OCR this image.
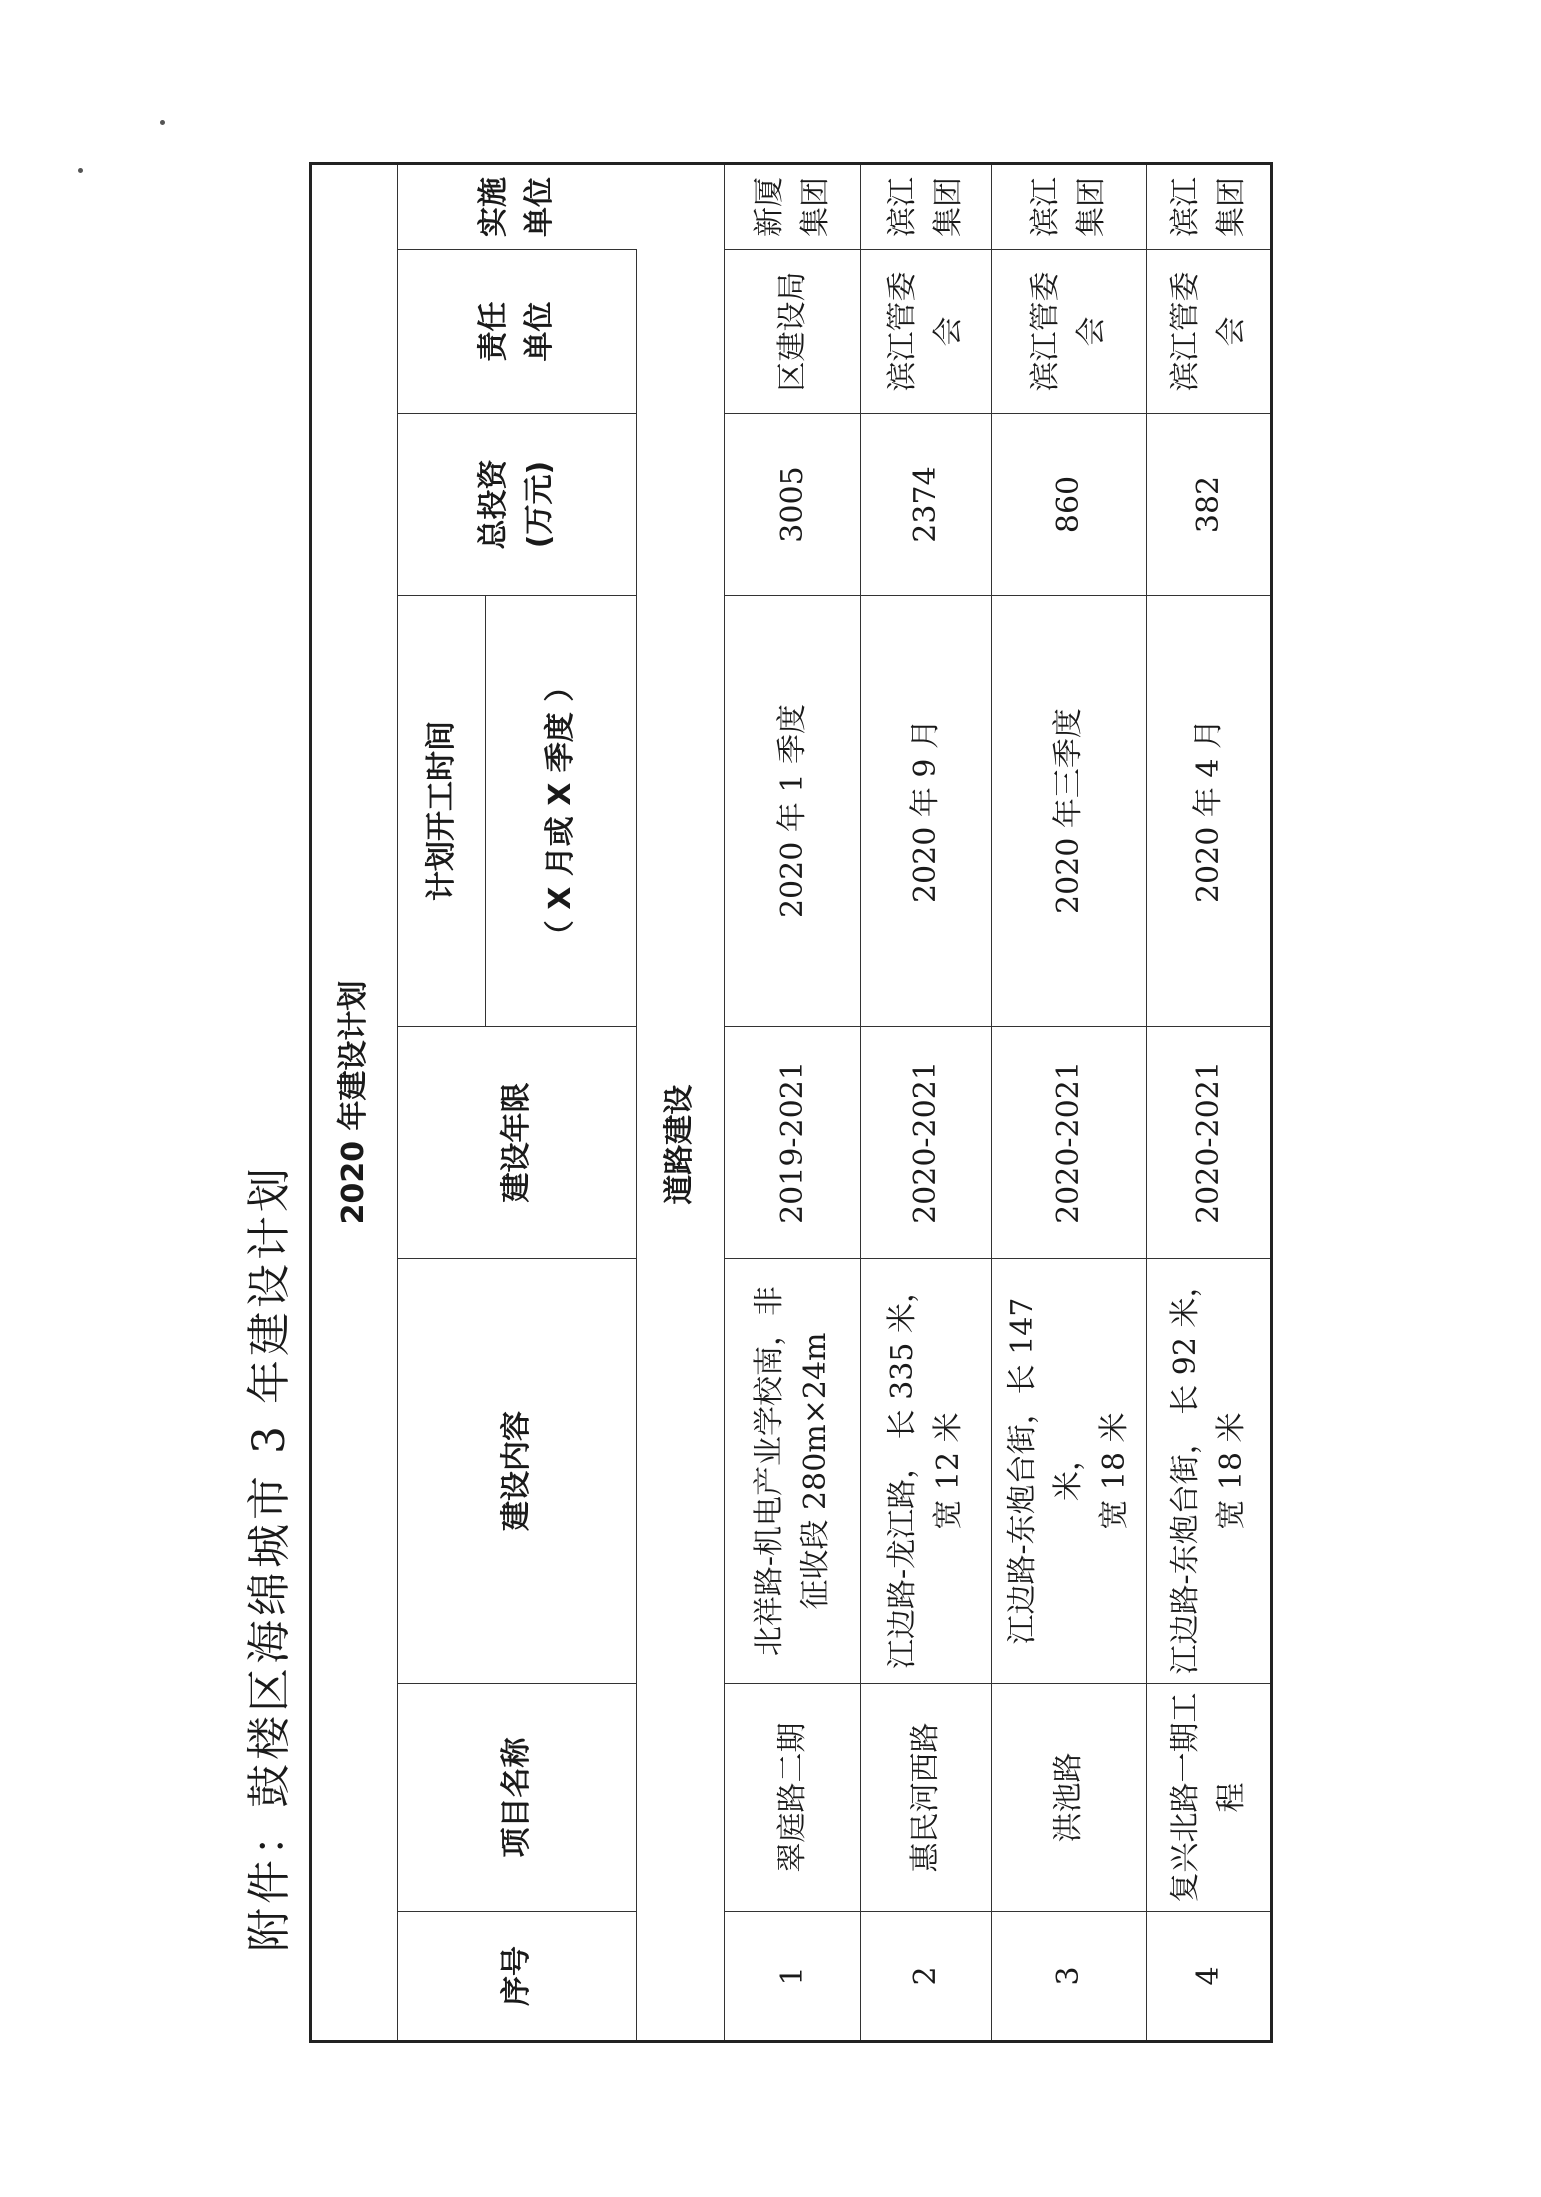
附件：鼓楼区海绵城市 3 年建设计划
2020 年建设计划							
序号	项目名称	建设内容	建设年限	计划开工时间	总投资 (万元)	责任 单位	实施 单位

				（ X 月或 X 季度 ）			
道路建设							
1	翠庭路二期	北祥路-机电产业学校南，非 征收段 280m×24m	2019-2021	2020 年 1 季度	3005	区建设局	新厦集团
2	惠民河西路	江边路-龙江路， 长 335 米， 宽 12 米	2020-2021	2020 年 9 月	2374	滨江管委 会	滨江集团
3	洪池路	江边路-东炮台街，长 147 米， 宽 18 米	2020-2021	2020 年三季度	860	滨江管委 会	滨江集团
4	复兴北路一期工程	江边路-东炮台街， 长 92 米， 宽 18 米	2020-2021	2020 年 4 月	382	滨江管委 会	滨江集团
